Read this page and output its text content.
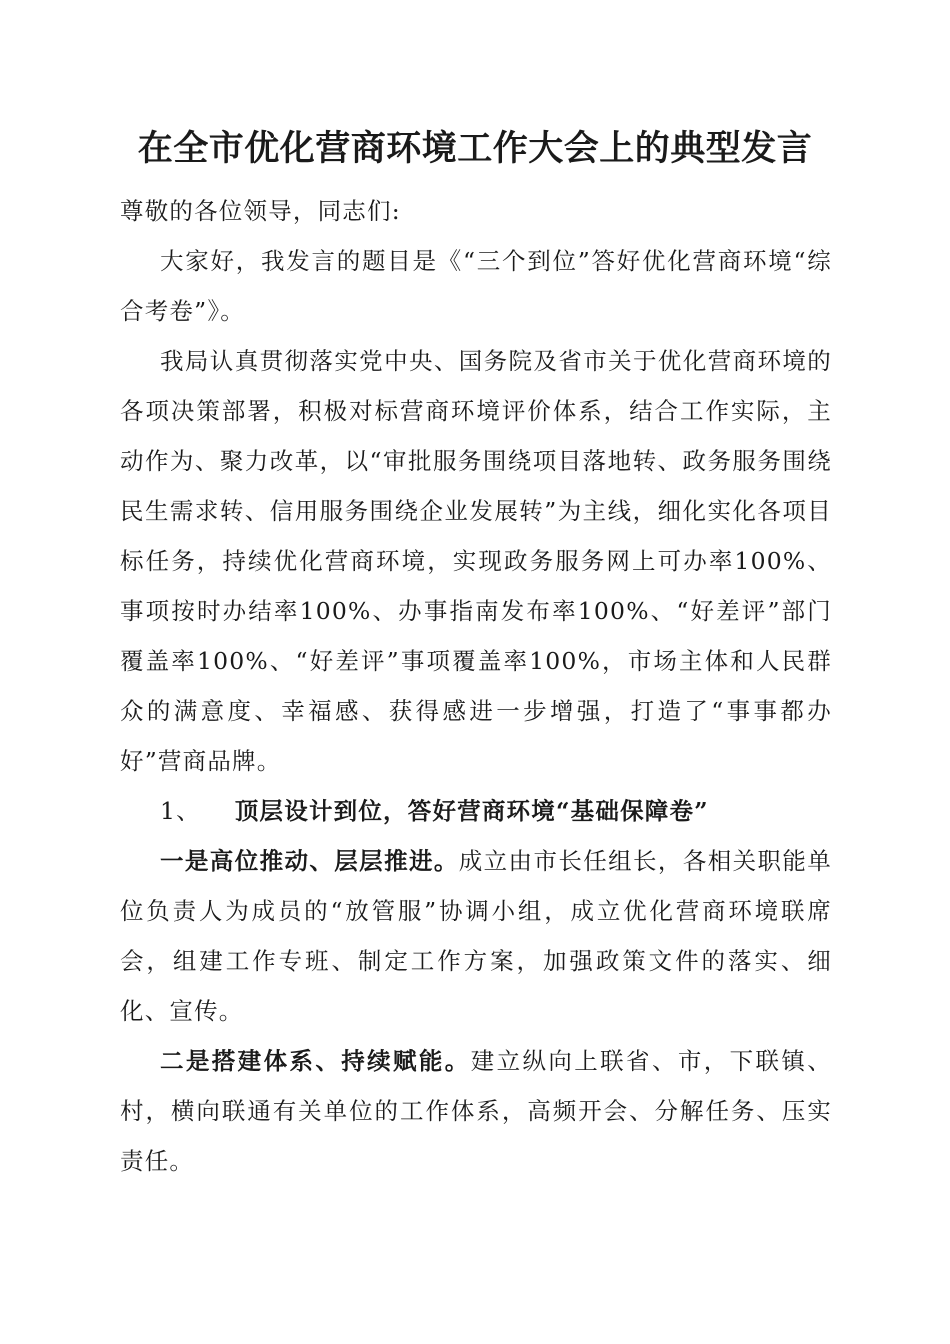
在全市优化营商环境工作大会上的典型发言

尊敬的各位领导，同志们:

大家好，我发言的题目是《“三个到位”答好优化营商环境“综合考卷”》。

我局认真贯彻落实党中央、国务院及省市关于优化营商环境的各项决策部署，积极对标营商环境评价体系，结合工作实际，主动作为、聚力改革，以“审批服务围绕项目落地转、政务服务围绕民生需求转、信用服务围绕企业发展转”为主线，细化实化各项目标任务，持续优化营商环境，实现政务服务网上可办率100%、事项按时办结率100%、办事指南发布率100%、“好差评”部门覆盖率100%、“好差评”事项覆盖率100%，市场主体和人民群众的满意度、幸福感、获得感进一步增强，打造了“事事都办好”营商品牌。

1、 顶层设计到位，答好营商环境“基础保障卷”

一是高位推动、层层推进。成立由市长任组长，各相关职能单位负责人为成员的“放管服”协调小组，成立优化营商环境联席会，组建工作专班、制定工作方案，加强政策文件的落实、细化、宣传。

二是搭建体系、持续赋能。建立纵向上联省、市，下联镇、村，横向联通有关单位的工作体系，高频开会、分解任务、压实责任。
